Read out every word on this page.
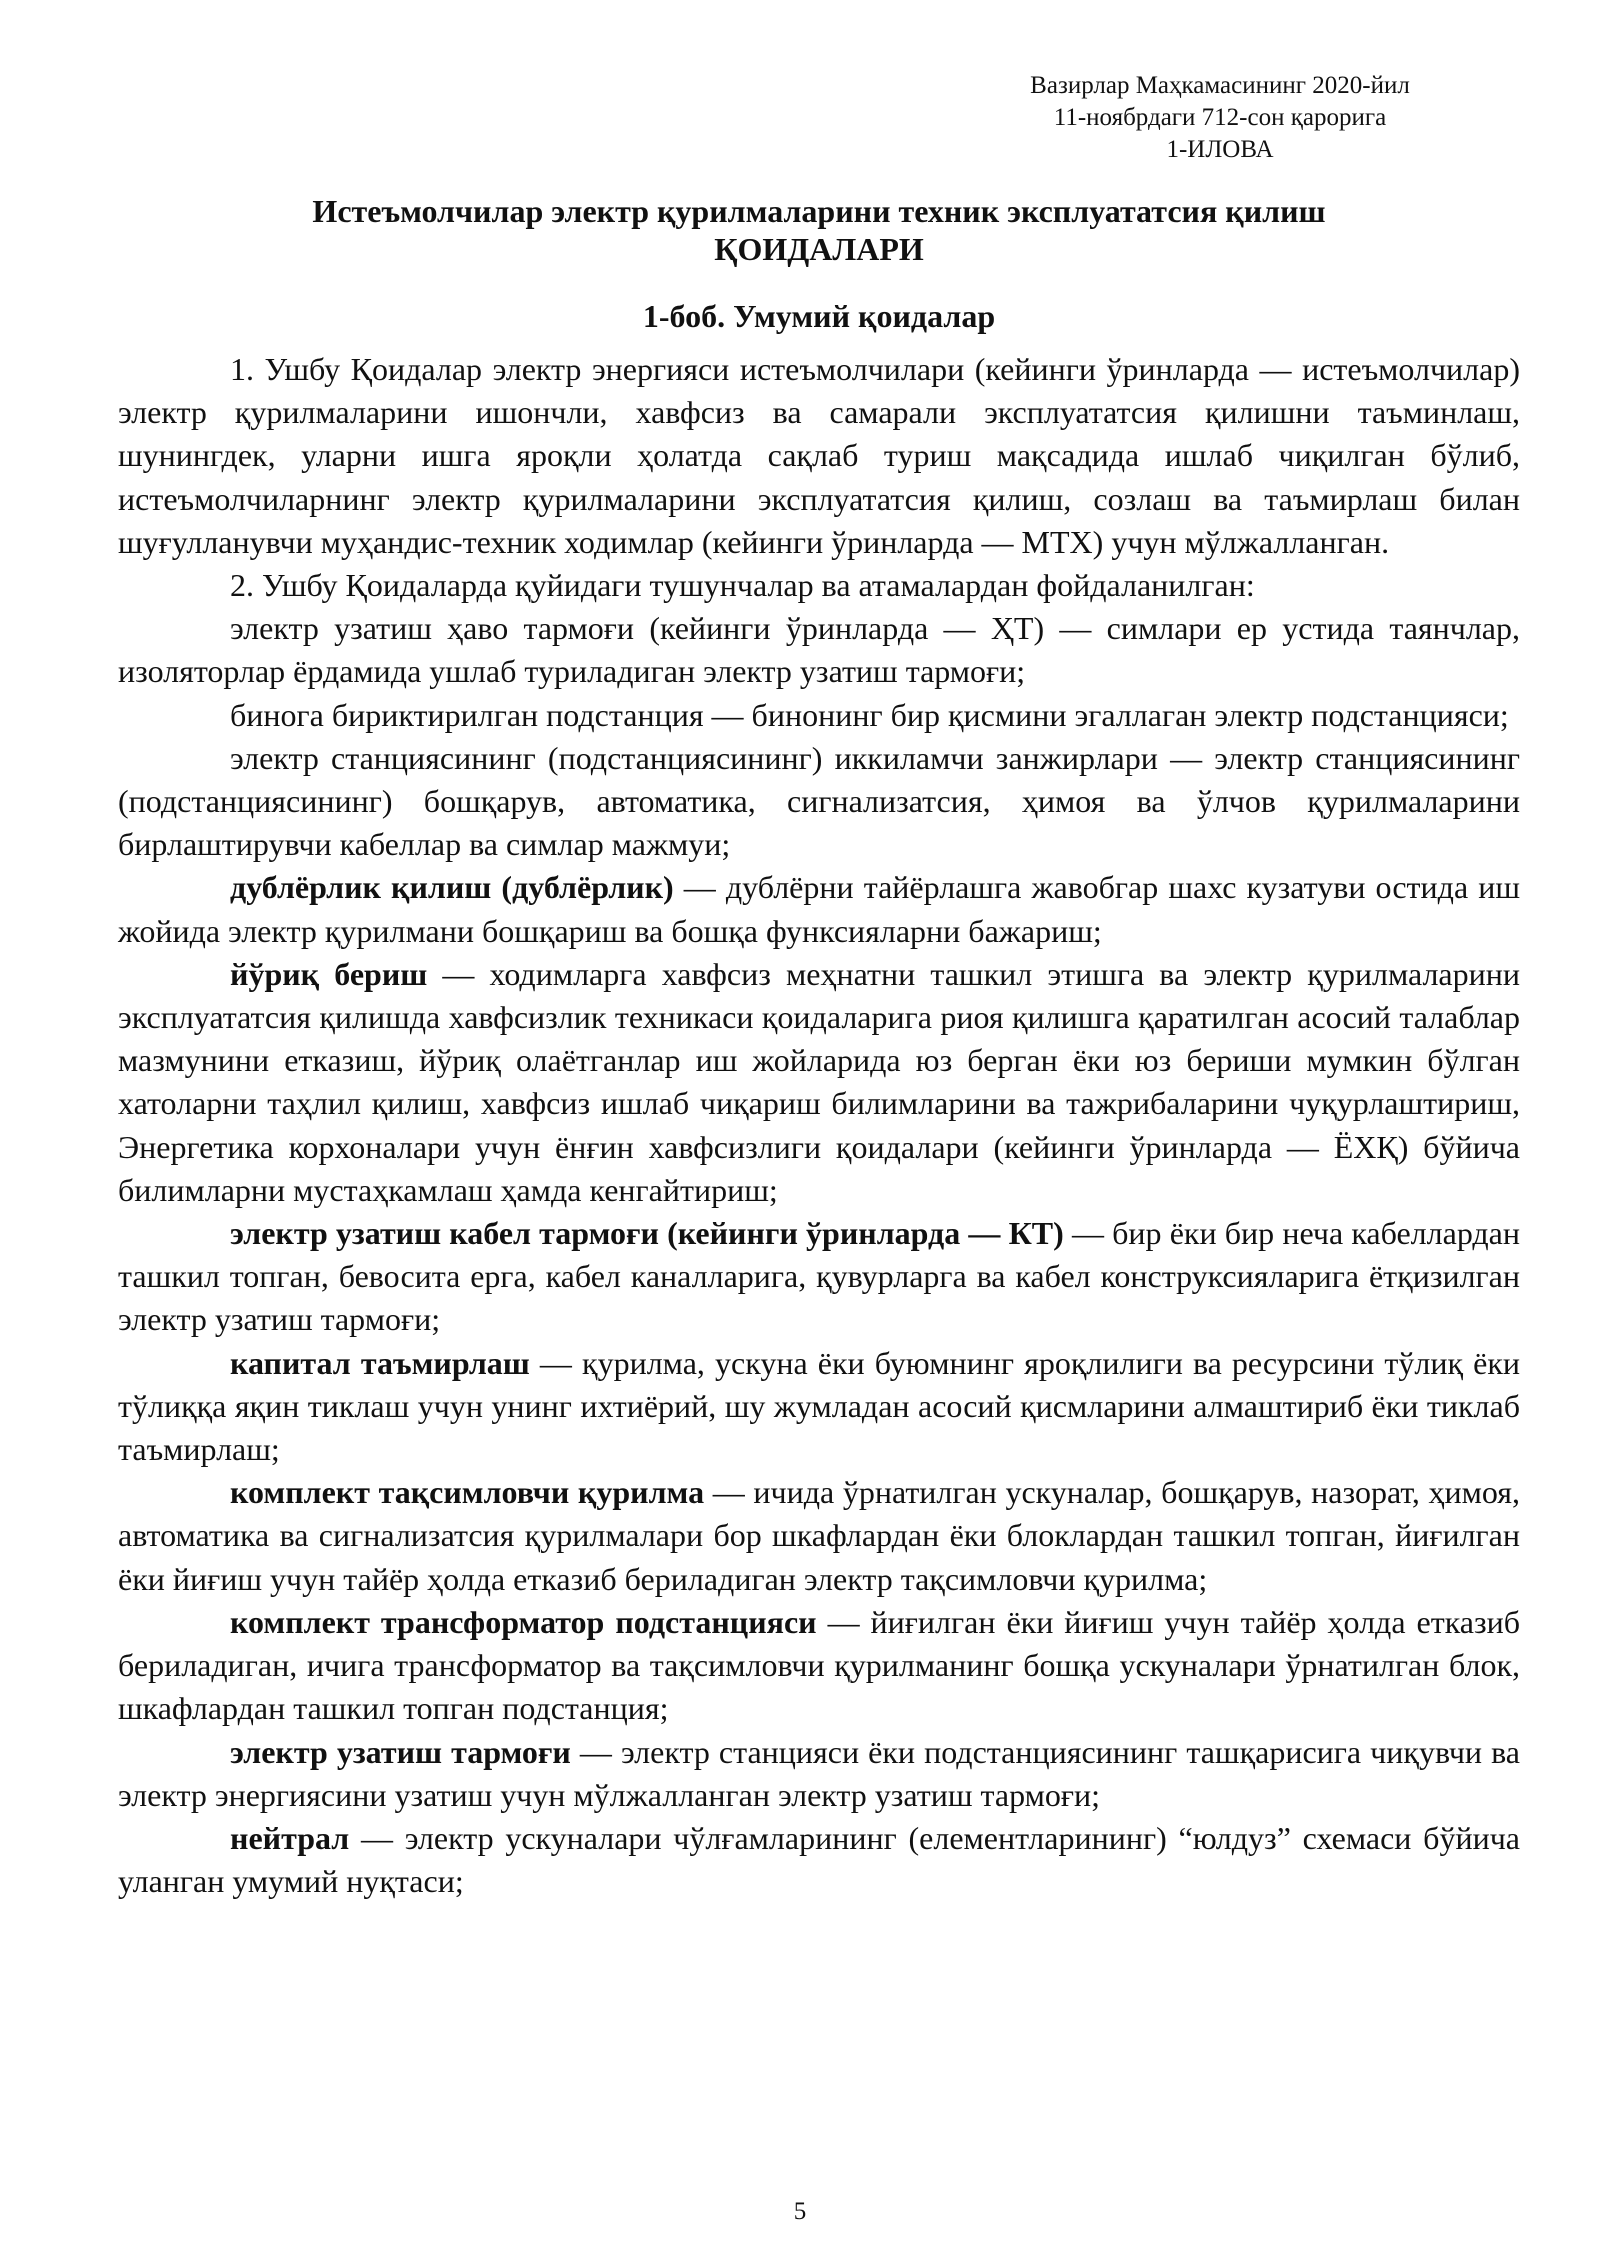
Вазирлар Маҳкамасининг 2020-йил
11-ноябрдаги 712-сон қарорига
1-ИЛОВА
Истеъмолчилар электр қурилмаларини техник эксплуататсия қилиш
ҚОИДАЛАРИ
1-боб. Умумий қоидалар

1. Ушбу Қоидалар электр энергияси истеъмолчилари (кейинги ўринларда — истеъмолчилар) электр қурилмаларини ишончли, хавфсиз ва самарали эксплуататсия қилишни таъминлаш, шунингдек, уларни ишга яроқли ҳолатда сақлаб туриш мақсадида ишлаб чиқилган бўлиб, истеъмолчиларнинг электр қурилмаларини эксплуататсия қилиш, созлаш ва таъмирлаш билан шуғулланувчи муҳандис-техник ходимлар (кейинги ўринларда — МТХ) учун мўлжалланган.

2. Ушбу Қоидаларда қуйидаги тушунчалар ва атамалардан фойдаланилган:

электр узатиш ҳаво тармоғи (кейинги ўринларда — ҲТ) — симлари ер устида таянчлар, изоляторлар ёрдамида ушлаб туриладиган электр узатиш тармоғи;

бинога бириктирилган подстанция — бинонинг бир қисмини эгаллаган электр подстанцияси;

электр станциясининг (подстанциясининг) иккиламчи занжирлари — электр станциясининг (подстанциясининг) бошқарув, автоматика, сигнализатсия, ҳимоя ва ўлчов қурилмаларини бирлаштирувчи кабеллар ва симлар мажмуи;

дублёрлик қилиш (дублёрлик) — дублёрни тайёрлашга жавобгар шахс кузатуви остида иш жойида электр қурилмани бошқариш ва бошқа функсияларни бажариш;

йўриқ бериш — ходимларга хавфсиз меҳнатни ташкил этишга ва электр қурилмаларини эксплуататсия қилишда хавфсизлик техникаси қоидаларига риоя қилишга қаратилган асосий талаблар мазмунини етказиш, йўриқ олаётганлар иш жойларида юз берган ёки юз бериши мумкин бўлган хатоларни таҳлил қилиш, хавфсиз ишлаб чиқариш билимларини ва тажрибаларини чуқурлаштириш, Энергетика корхоналари учун ёнғин хавфсизлиги қоидалари (кейинги ўринларда — ЁХҚ) бўйича билимларни мустаҳкамлаш ҳамда кенгайтириш;

электр узатиш кабел тармоғи (кейинги ўринларда — КТ) — бир ёки бир неча кабеллардан ташкил топган, бевосита ерга, кабел каналларига, қувурларга ва кабел конструксияларига ётқизилган электр узатиш тармоғи;

капитал таъмирлаш — қурилма, ускуна ёки буюмнинг яроқлилиги ва ресурсини тўлиқ ёки тўлиққа яқин тиклаш учун унинг ихтиёрий, шу жумладан асосий қисмларини алмаштириб ёки тиклаб таъмирлаш;

комплект тақсимловчи қурилма — ичида ўрнатилган ускуналар, бошқарув, назорат, ҳимоя, автоматика ва сигнализатсия қурилмалари бор шкафлардан ёки блоклардан ташкил топган, йиғилган ёки йиғиш учун тайёр ҳолда етказиб бериладиган электр тақсимловчи қурилма;

комплект трансформатор подстанцияси — йиғилган ёки йиғиш учун тайёр ҳолда етказиб бериладиган, ичига трансформатор ва тақсимловчи қурилманинг бошқа ускуналари ўрнатилган блок, шкафлардан ташкил топган подстанция;

электр узатиш тармоғи — электр станцияси ёки подстанциясининг ташқарисига чиқувчи ва электр энергиясини узатиш учун мўлжалланган электр узатиш тармоғи;

нейтрал — электр ускуналари чўлғамларининг (елементларининг) “юлдуз” схемаси бўйича уланган умумий нуқтаси;

5
